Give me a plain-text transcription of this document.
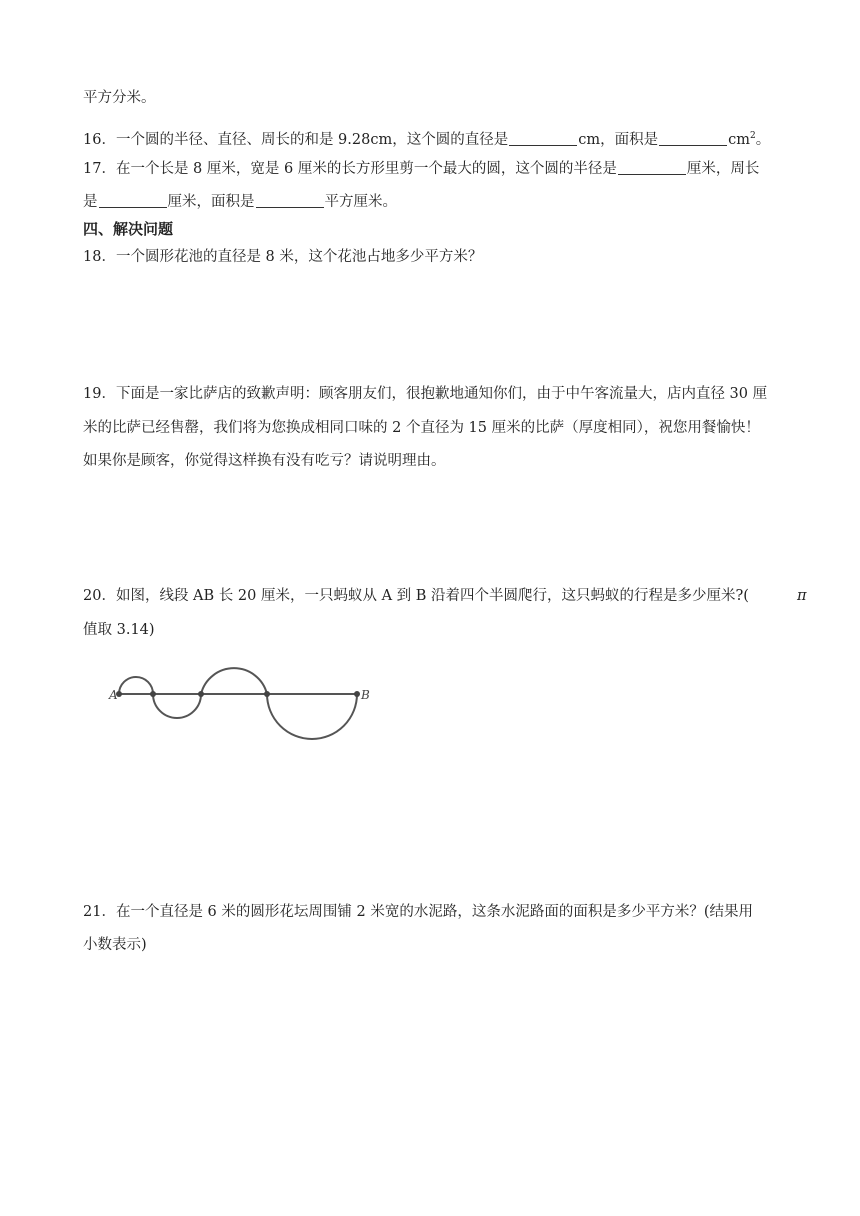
平方分米。
16．一个圆的半径、直径、周长的和是 9.28cm，这个圆的直径是	cm，面积是	$cm^2$。
17．在一个长是 8 厘米，宽是 6 厘米的长方形里剪一个最大的圆，这个圆的半径是	厘米，周长
是	厘米，面积是	平方厘米。
四、解决问题
18．一个圆形花池的直径是 8 米，这个花池占地多少平方米？
19．下面是一家比萨店的致歉声明：顾客朋友们，很抱歉地通知你们，由于中午客流量大，店内直径 30 厘
米的比萨已经售罄，我们将为您换成相同口味的 2 个直径为 15 厘米的比萨（厚度相同），祝您用餐愉快！
如果你是顾客，你觉得这样换有没有吃亏？请说明理由。
20．如图，线段 AB 长 20 厘米，一只蚂蚁从 A 到 B 沿着四个半圆爬行，这只蚂蚁的行程是多少厘米?(	π
值取 3.14)
A	B
21．在一个直径是 6 米的圆形花坛周围铺 2 米宽的水泥路，这条水泥路面的面积是多少平方米？(结果用
小数表示)
